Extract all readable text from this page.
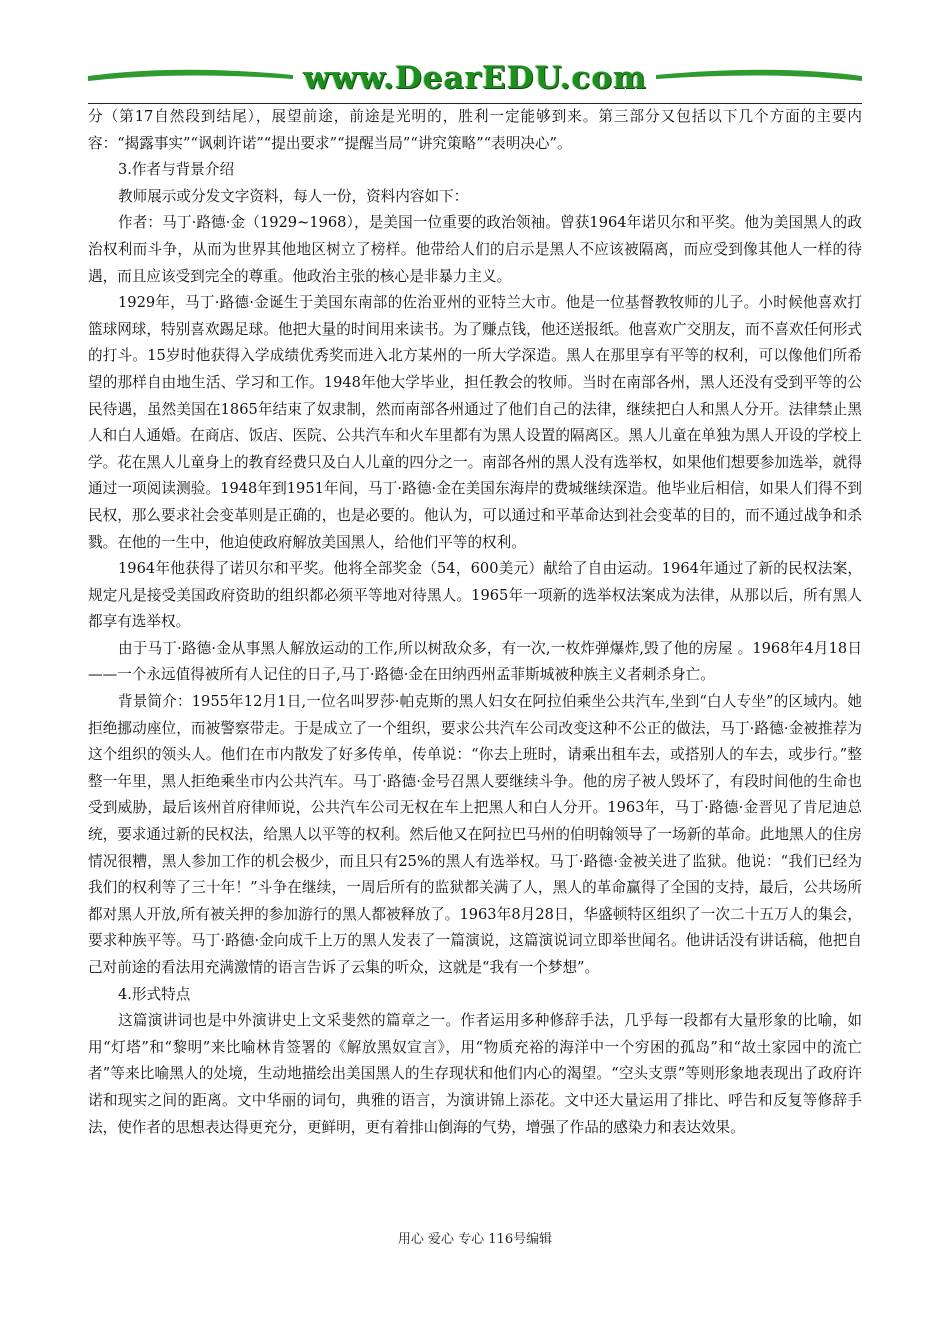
www.DearEDU.com

分（第17自然段到结尾），展望前途，前途是光明的，胜利一定能够到来。第三部分又包括以下几个方面的主要内容：“揭露事实”“讽刺许诺”“提出要求”“提醒当局”“讲究策略”“表明决心”。

3.作者与背景介绍

教师展示或分发文字资料，每人一份，资料内容如下：

作者：马丁·路德·金（1929~1968），是美国一位重要的政治领袖。曾获1964年诺贝尔和平奖。他为美国黑人的政治权利而斗争，从而为世界其他地区树立了榜样。他带给人们的启示是黑人不应该被隔离，而应受到像其他人一样的待遇，而且应该受到完全的尊重。他政治主张的核心是非暴力主义。

1929年，马丁·路德·金诞生于美国东南部的佐治亚州的亚特兰大市。他是一位基督教牧师的儿子。小时候他喜欢打篮球网球，特别喜欢踢足球。他把大量的时间用来读书。为了赚点钱，他还送报纸。他喜欢广交朋友，而不喜欢任何形式的打斗。15岁时他获得入学成绩优秀奖而进入北方某州的一所大学深造。黑人在那里享有平等的权利，可以像他们所希望的那样自由地生活、学习和工作。1948年他大学毕业，担任教会的牧师。当时在南部各州，黑人还没有受到平等的公民待遇，虽然美国在1865年结束了奴隶制，然而南部各州通过了他们自己的法律，继续把白人和黑人分开。法律禁止黑人和白人通婚。在商店、饭店、医院、公共汽车和火车里都有为黑人设置的隔离区。黑人儿童在单独为黑人开设的学校上学。花在黑人儿童身上的教育经费只及白人儿童的四分之一。南部各州的黑人没有选举权，如果他们想要参加选举，就得通过一项阅读测验。1948年到1951年间，马丁·路德·金在美国东海岸的费城继续深造。他毕业后相信，如果人们得不到民权，那么要求社会变革则是正确的，也是必要的。他认为，可以通过和平革命达到社会变革的目的，而不通过战争和杀戮。在他的一生中，他迫使政府解放美国黑人，给他们平等的权利。

1964年他获得了诺贝尔和平奖。他将全部奖金（54，600美元）献给了自由运动。1964年通过了新的民权法案，规定凡是接受美国政府资助的组织都必须平等地对待黑人。1965年一项新的选举权法案成为法律，从那以后，所有黑人都享有选举权。

由于马丁·路德·金从事黑人解放运动的工作,所以树敌众多，有一次,一枚炸弹爆炸,毁了他的房屋 。1968年4月18日——一个永远值得被所有人记住的日子,马丁·路德·金在田纳西州孟菲斯城被种族主义者刺杀身亡。

背景简介：1955年12月1日,一位名叫罗莎·帕克斯的黑人妇女在阿拉伯乘坐公共汽车,坐到“白人专坐”的区域内。她拒绝挪动座位，而被警察带走。于是成立了一个组织，要求公共汽车公司改变这种不公正的做法，马丁·路德·金被推荐为这个组织的领头人。他们在市内散发了好多传单，传单说：“你去上班时，请乘出租车去，或搭别人的车去，或步行。”整整一年里，黑人拒绝乘坐市内公共汽车。马丁·路德·金号召黑人要继续斗争。他的房子被人毁坏了，有段时间他的生命也受到威胁，最后该州首府律师说，公共汽车公司无权在车上把黑人和白人分开。1963年，马丁·路德·金晋见了肯尼迪总统，要求通过新的民权法，给黑人以平等的权利。然后他又在阿拉巴马州的伯明翰领导了一场新的革命。此地黑人的住房情况很糟，黑人参加工作的机会极少，而且只有25%的黑人有选举权。马丁·路德·金被关进了监狱。他说：“我们已经为我们的权利等了三十年！”斗争在继续，一周后所有的监狱都关满了人，黑人的革命赢得了全国的支持，最后，公共场所都对黑人开放,所有被关押的参加游行的黑人都被释放了。1963年8月28日，华盛顿特区组织了一次二十五万人的集会，要求种族平等。马丁·路德·金向成千上万的黑人发表了一篇演说，这篇演说词立即举世闻名。他讲话没有讲话稿，他把自己对前途的看法用充满激情的语言告诉了云集的听众，这就是“我有一个梦想”。

4.形式特点

这篇演讲词也是中外演讲史上文采斐然的篇章之一。作者运用多种修辞手法，几乎每一段都有大量形象的比喻，如用“灯塔”和“黎明”来比喻林肯签署的《解放黑奴宣言》，用“物质充裕的海洋中一个穷困的孤岛”和“故土家园中的流亡者”等来比喻黑人的处境，生动地描绘出美国黑人的生存现状和他们内心的渴望。“空头支票”等则形象地表现出了政府许诺和现实之间的距离。文中华丽的词句，典雅的语言，为演讲锦上添花。文中还大量运用了排比、呼告和反复等修辞手法，使作者的思想表达得更充分，更鲜明，更有着排山倒海的气势，增强了作品的感染力和表达效果。

用心 爱心 专心 116号编辑
